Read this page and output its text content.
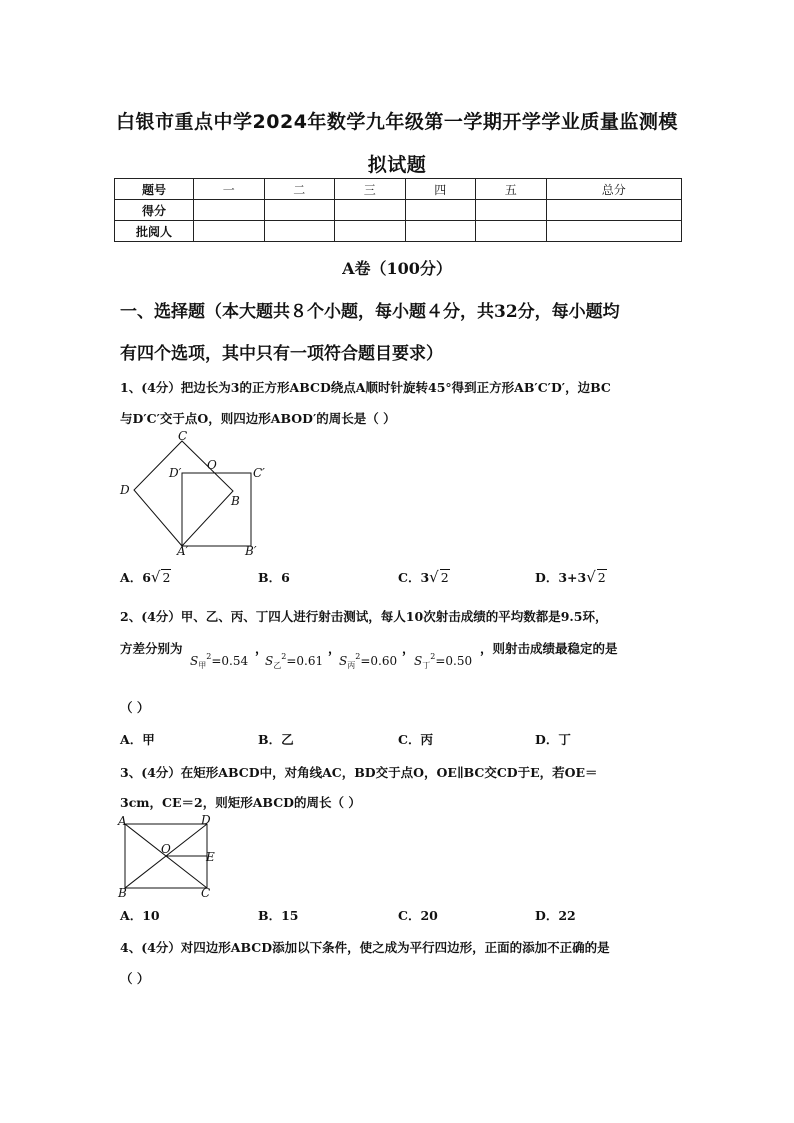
白银市重点中学2024年数学九年级第一学期开学学业质量监测模
拟试题
题号	一	二	三	四	五	总分
得分						
批阅人						
A卷（100分）
一、选择题（本大题共８个小题，每小题４分，共32分，每小题均
有四个选项，其中只有一项符合题目要求）
1、(4分）把边长为3的正方形ABCD绕点A顺时针旋转45°得到正方形AB′C′D′，边BC
与D′C′交于点O，则四边形ABOD′的周长是（ ）
C
D′
O
C′
D
B
A′	B′
A．6√ 2	B．6	C．3√ 2	D．3+3√ 2
2、(4分）甲、乙、丙、丁四人进行射击测试，每人10次射击成绩的平均数都是9.5环，
方差分别为	，	，	，	，则射击成绩最稳定的是
$S_甲^2=0.54$ $S_乙^2=0.61$ $S_丙^2=0.60$ $S_丁^2=0.50$
（ ）
A．甲	B．乙	C．丙	D．丁
3、(4分）在矩形ABCD中，对角线AC，BD交于点O，OE∥BC交CD于E，若OE＝
3cm，CE＝2，则矩形ABCD的周长（ ）
A	D
O
E
B	C
A．10	B．15	C．20	D．22
4、(4分）对四边形ABCD添加以下条件，使之成为平行四边形，正面的添加不正确的是
（ ）
